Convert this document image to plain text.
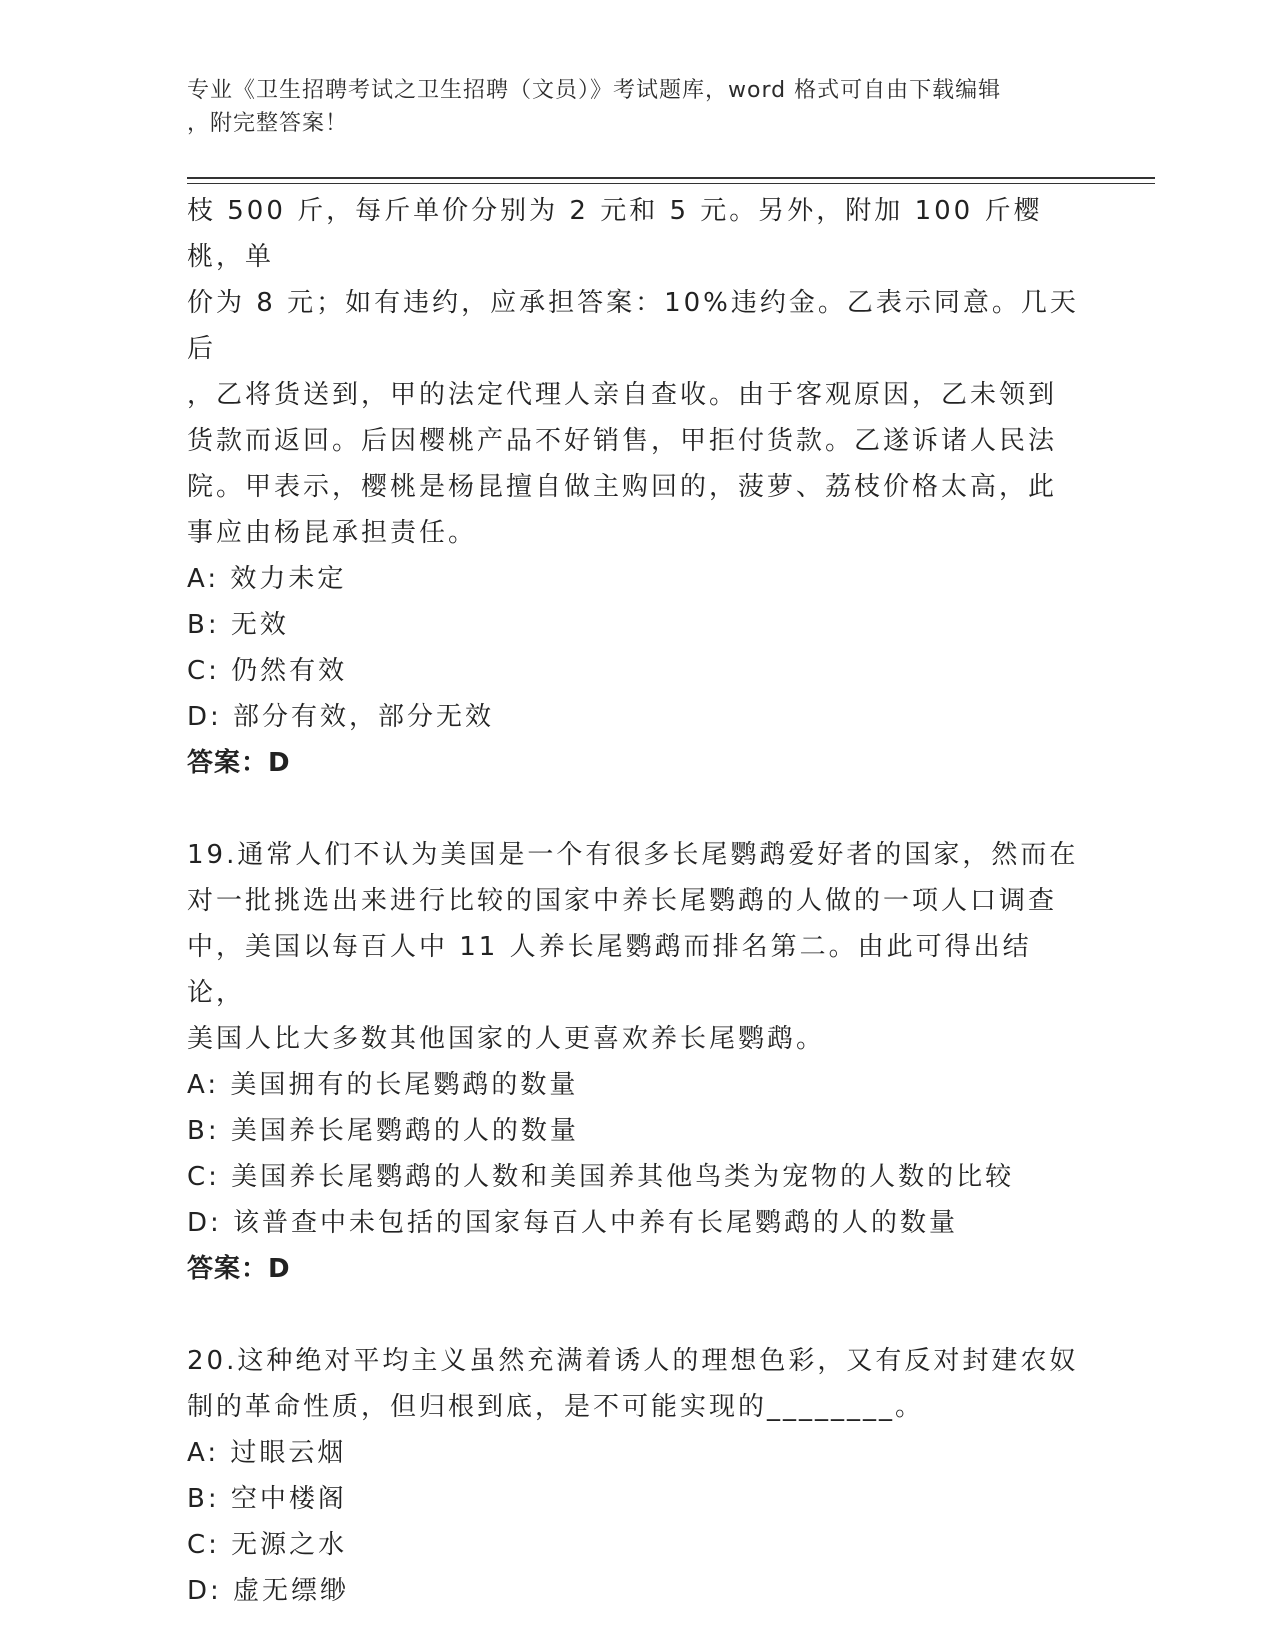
专业《卫生招聘考试之卫生招聘（文员）》考试题库，word 格式可自由下载编辑
，附完整答案！

枝 500 斤，每斤单价分别为 2 元和 5 元。另外，附加 100 斤樱桃，单

价为 8 元；如有违约，应承担答案：10%违约金。乙表示同意。几天后

，乙将货送到，甲的法定代理人亲自查收。由于客观原因，乙未领到

货款而返回。后因樱桃产品不好销售，甲拒付货款。乙遂诉诸人民法

院。甲表示，樱桃是杨昆擅自做主购回的，菠萝、荔枝价格太高，此

事应由杨昆承担责任。

A: 效力未定

B: 无效

C: 仍然有效

D: 部分有效，部分无效

答案：D

19.通常人们不认为美国是一个有很多长尾鹦鹉爱好者的国家，然而在

对一批挑选出来进行比较的国家中养长尾鹦鹉的人做的一项人口调查

中，美国以每百人中 11 人养长尾鹦鹉而排名第二。由此可得出结论，

美国人比大多数其他国家的人更喜欢养长尾鹦鹉。

A: 美国拥有的长尾鹦鹉的数量

B: 美国养长尾鹦鹉的人的数量

C: 美国养长尾鹦鹉的人数和美国养其他鸟类为宠物的人数的比较

D: 该普查中未包括的国家每百人中养有长尾鹦鹉的人的数量

答案：D

20.这种绝对平均主义虽然充满着诱人的理想色彩，又有反对封建农奴

制的革命性质，但归根到底，是不可能实现的________。

A: 过眼云烟

B: 空中楼阁

C: 无源之水

D: 虚无缥缈
